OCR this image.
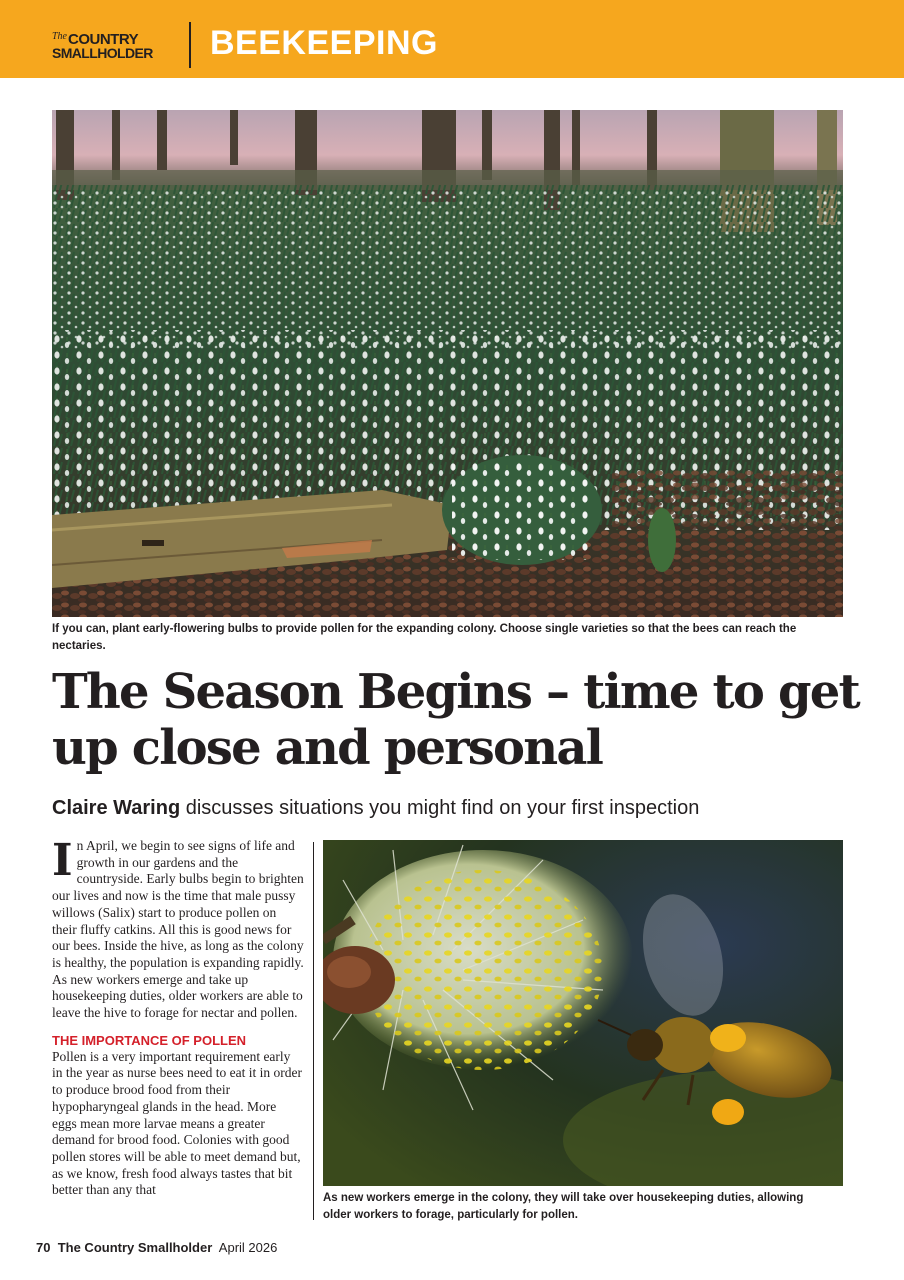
The COUNTRY
SMALLHOLDER BEEKEEPING
If you can, plant early-flowering bulbs to provide pollen for the expanding colony. Choose single varieties so that the bees can reach the nectaries.
The Season Begins – time to get up close and personal
Claire Waring discusses situations you might find on your first inspection
I n April, we begin to see signs of life and growth in our gardens and the countryside. Early bulbs begin to brighten our lives and now is the time that male pussy willows (Salix) start to produce pollen on their fluffy catkins. All this is good news for our bees. Inside the hive, as long as the colony is healthy, the population is expanding rapidly. As new workers emerge and take up housekeeping duties, older workers are able to leave the hive to forage for nectar and pollen.

THE IMPORTANCE OF POLLEN

Pollen is a very important requirement early in the year as nurse bees need to eat it in order to produce brood food from their hypopharyngeal glands in the head. More eggs mean more larvae means a greater demand for brood food. Colonies with good pollen stores will be able to meet demand but, as we know, fresh food always tastes that bit better than any that

As new workers emerge in the colony, they will take over housekeeping duties, allowing older workers to forage, particularly for pollen.
70 The Country Smallholder April 2026
